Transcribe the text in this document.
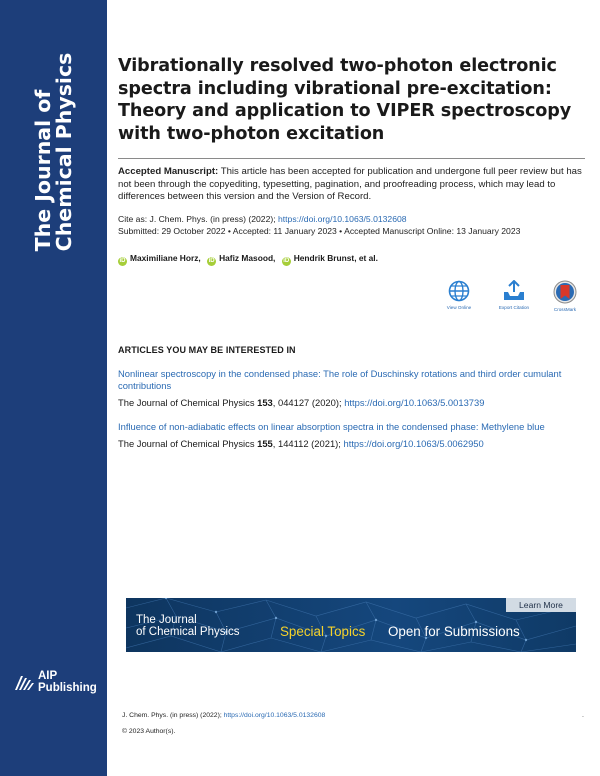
The Journal of
Chemical Physics
AIP
Publishing
Vibrationally resolved two-photon electronic spectra including vibrational pre-excitation: Theory and application to VIPER spectroscopy with two-photon excitation

Accepted Manuscript: This article has been accepted for publication and undergone full peer review but has not been through the copyediting, typesetting, pagination, and proofreading process, which may lead to differences between this version and the Version of Record.

Cite as: J. Chem. Phys. (in press) (2022); https://doi.org/10.1063/5.0132608
Submitted: 29 October 2022 • Accepted: 11 January 2023 • Accepted Manuscript Online: 13 January 2023
iD Maximiliane Horz, iD Hafiz Masood, iD Hendrik Brunst, et al.
View Online	Export Citation	CrossMark
ARTICLES YOU MAY BE INTERESTED IN
Nonlinear spectroscopy in the condensed phase: The role of Duschinsky rotations and third order cumulant contributions
The Journal of Chemical Physics 153, 044127 (2020); https://doi.org/10.1063/5.0013739
Influence of non-adiabatic effects on linear absorption spectra in the condensed phase: Methylene blue
The Journal of Chemical Physics 155, 144112 (2021); https://doi.org/10.1063/5.0062950
The Journal
of Chemical Physics	Special Topics Open for Submissions
Learn More
J. Chem. Phys. (in press) (2022); https://doi.org/10.1063/5.0132608
© 2023 Author(s).
.
